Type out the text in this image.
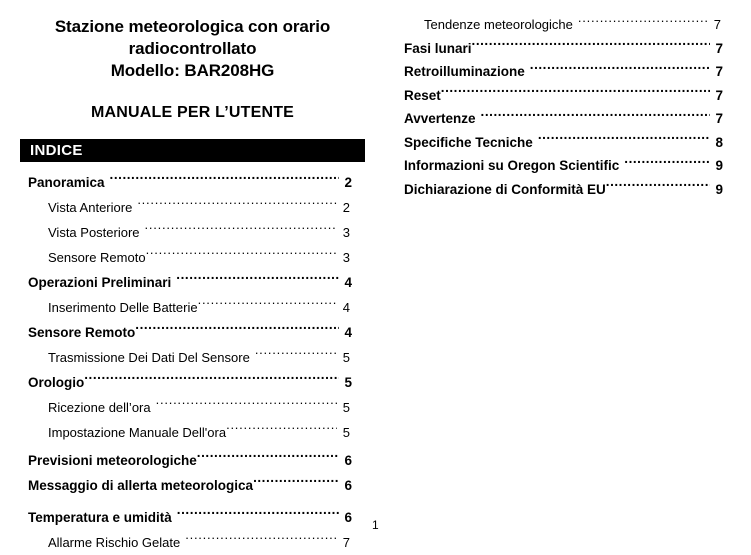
Stazione meteorologica con orario
radiocontrollato
Modello: BAR208HG
MANUALE PER L’UTENTE
INDICE
Panoramica .....	2
Vista Anteriore .....	2
Vista Posteriore .....	3
Sensore Remoto .....	3
Operazioni Preliminari .....	4
Inserimento Delle Batterie .....	4
Sensore Remoto .....	4
Trasmissione Dei Dati Del Sensore .....	5
Orologio .....	5
Ricezione dell’ora .....	5
Impostazione Manuale Dell'ora .....	5
Previsioni meteorologiche .....	6
Messaggio di allerta meteorologica .....	6
Temperatura e umidità .....	6
Allarme Rischio Gelate .....	7
Tendenze meteorologiche .....	7
Fasi lunari .....	7
Retroilluminazione .....	7
Reset .....	7
Avvertenze .....	7
Specifiche Tecniche .....	8
Informazioni su Oregon Scientific .....	9
Dichiarazione di Conformità EU .....	9
1
